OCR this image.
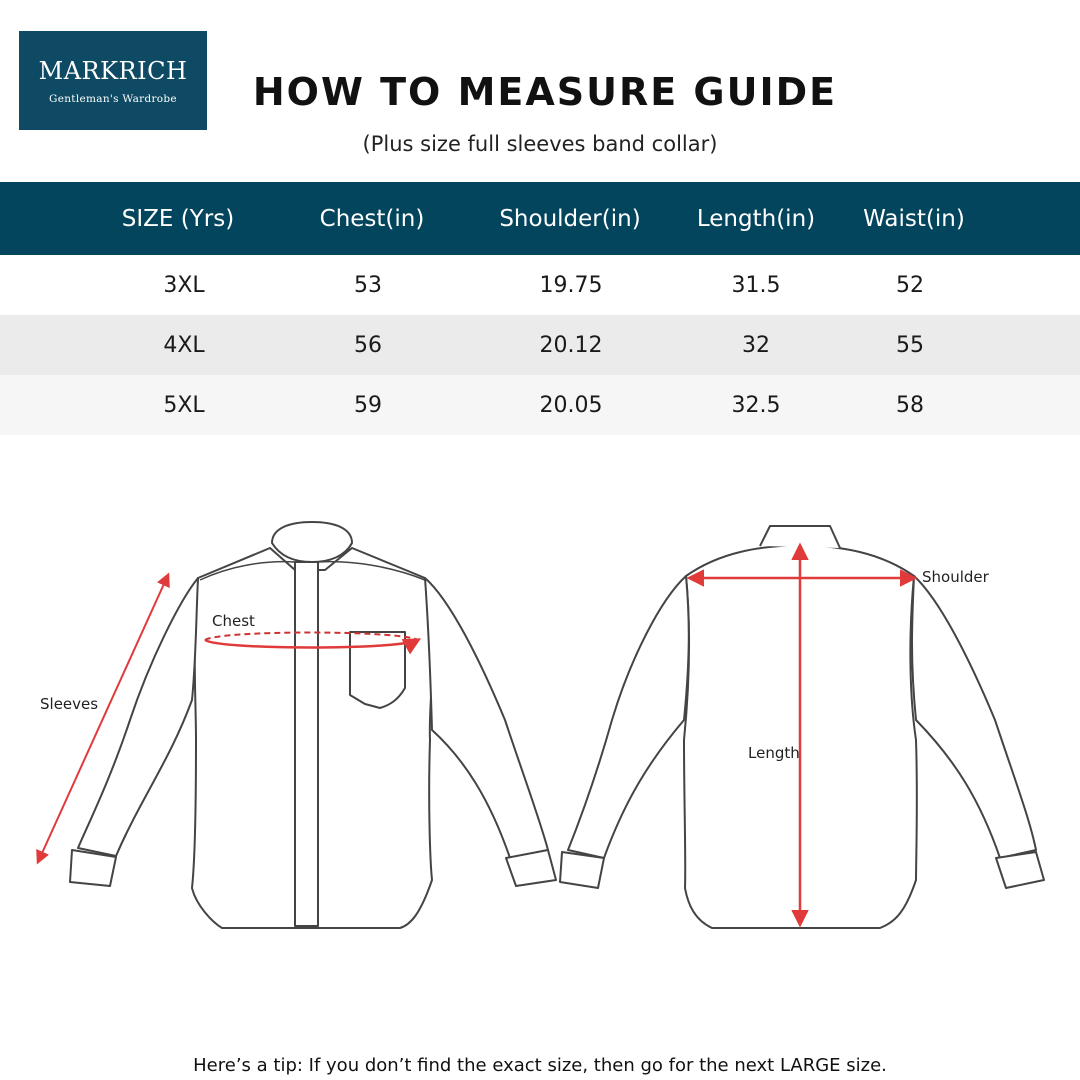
MARKRICH
Gentleman's Wardrobe	HOW TO MEASURE GUIDE
(Plus size full sleeves band collar)
SIZE (Yrs)	Chest(in)	Shoulder(in) Length(in) Waist(in)
3XL	53	19.75	31.5	52
4XL	56	20.12	32	55
5XL	59	20.05	32.5	58
Chest
Sleeves
Shoulder
Length
Here’s a tip: If you don’t find the exact size, then go for the next LARGE size.
